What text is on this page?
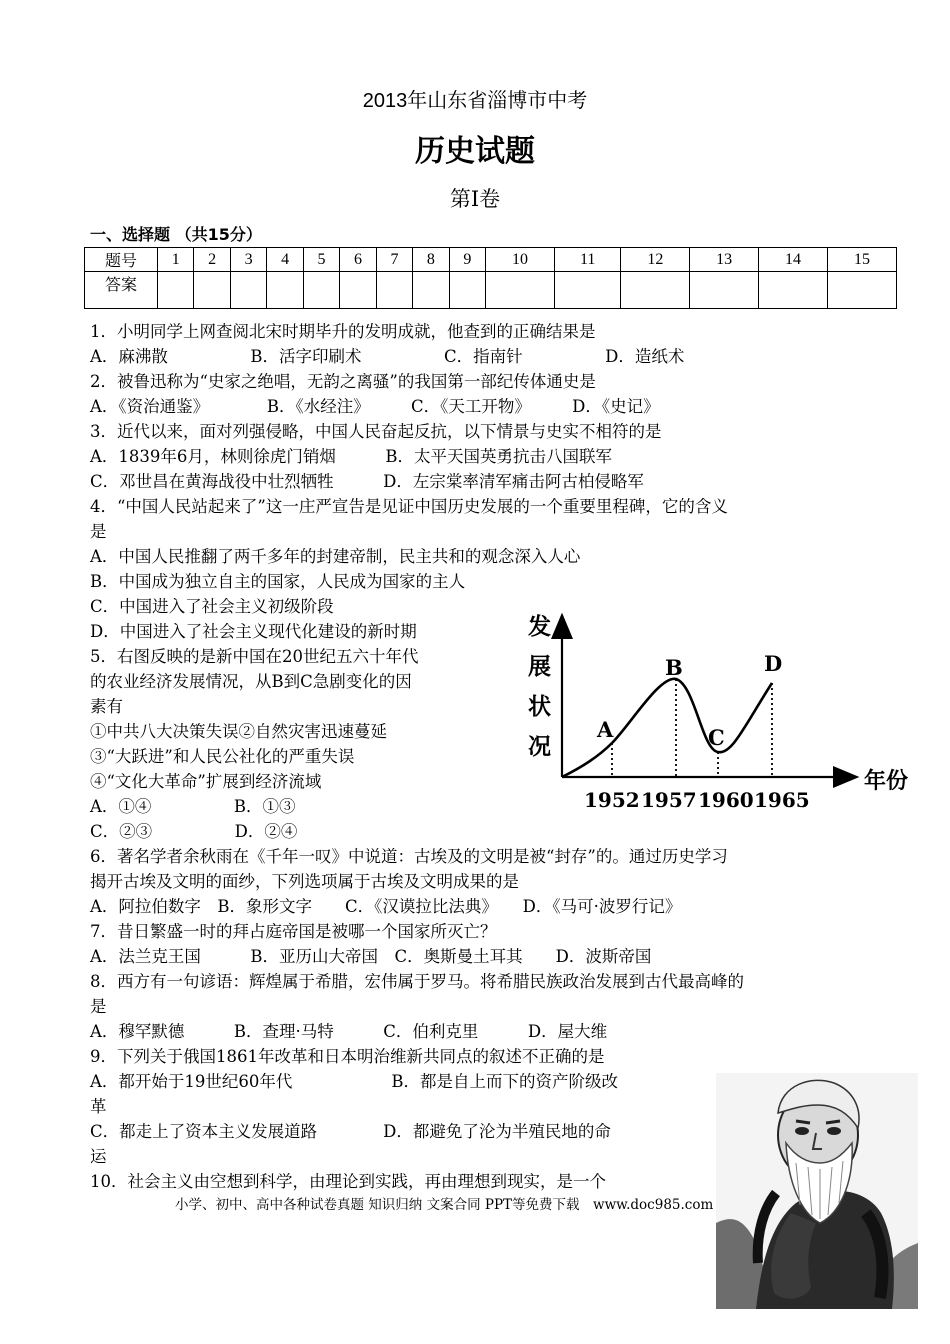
2013年山东省淄博市中考
历史试题
第Ⅰ卷
一、选择题 （共15分）
题号	1	2	3	4	5	6	7	8	9	10	11	12	13	14	15
答案															
1．小明同学上网查阅北宋时期毕升的发明成就，他查到的正确结果是
A．麻沸散　　　　　B．活字印刷术　　　　　C．指南针　　　　　D．造纸术
2．被鲁迅称为“史家之绝唱，无韵之离骚”的我国第一部纪传体通史是
A．《资治通鉴》　　　　B．《水经注》　　　C．《天工开物》　　　D．《史记》
3．近代以来，面对列强侵略，中国人民奋起反抗，以下情景与史实不相符的是
A．1839年6月，林则徐虎门销烟　　　B．太平天国英勇抗击八国联军
C．邓世昌在黄海战役中壮烈牺牲　　　D．左宗棠率清军痛击阿古柏侵略军
4．“中国人民站起来了”这一庄严宣告是见证中国历史发展的一个重要里程碑，它的含义
是
A．中国人民推翻了两千多年的封建帝制，民主共和的观念深入人心
B．中国成为独立自主的国家，人民成为国家的主人
C．中国进入了社会主义初级阶段
D．中国进入了社会主义现代化建设的新时期
5．右图反映的是新中国在20世纪五六十年代
的农业经济发展情况，从B到C急剧变化的因
素有
①中共八大决策失误②自然灾害迅速蔓延
③“大跃进”和人民公社化的严重失误
④“文化大革命”扩展到经济流域
A．①④　　　　　B．①③
C．②③　　　　　D．②④
6．著名学者余秋雨在《千年一叹》中说道：古埃及的文明是被“封存”的。通过历史学习
揭开古埃及文明的面纱，下列选项属于古埃及文明成果的是
A．阿拉伯数字　B．象形文字　　C．《汉谟拉比法典》　　D．《马可·波罗行记》
7．昔日繁盛一时的拜占庭帝国是被哪一个国家所灭亡？
A．法兰克王国　　　B．亚历山大帝国　C．奥斯曼土耳其　　D．波斯帝国
8．西方有一句谚语：辉煌属于希腊，宏伟属于罗马。将希腊民族政治发展到古代最高峰的
是
A．穆罕默德　　　B．查理·马特　　　C．伯利克里　　　D．屋大维
9．下列关于俄国1861年改革和日本明治维新共同点的叙述不正确的是
A．都开始于19世纪60年代　　　　　　B．都是自上而下的资产阶级改
革
C．都走上了资本主义发展道路　　　　D．都避免了沦为半殖民地的命
运
10．社会主义由空想到科学，由理论到实践，再由理想到现实，是一个
发
展
状
况
A
B
C
D
1952 1957 1960 1965
年份
小学、初中、高中各种试卷真题 知识归纳 文案合同 PPT等免费下载　www.doc985.com
